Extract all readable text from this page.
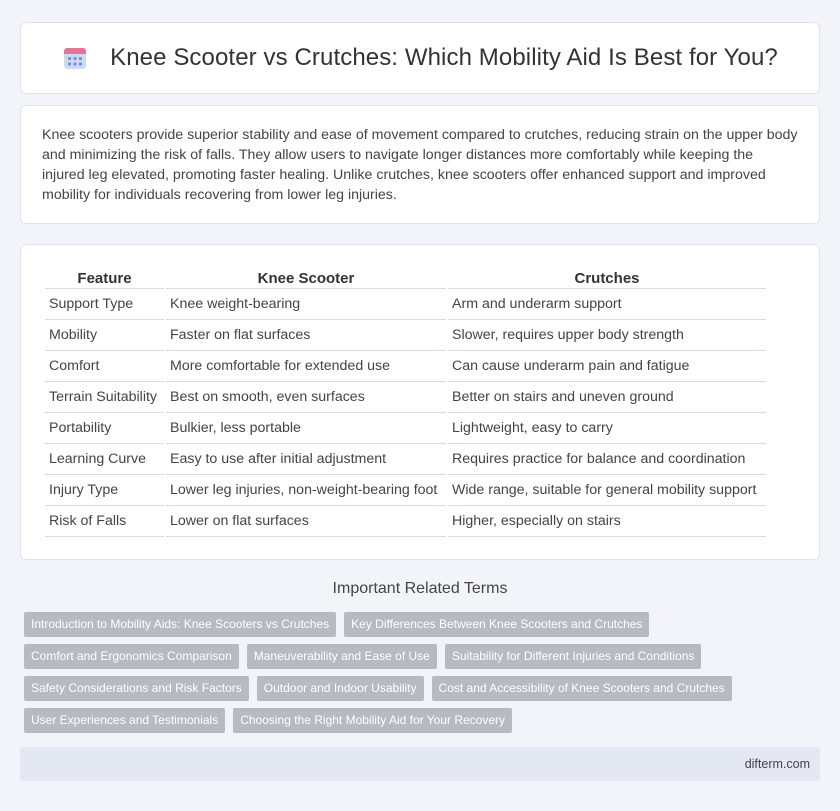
Knee Scooter vs Crutches: Which Mobility Aid Is Best for You?

Knee scooters provide superior stability and ease of movement compared to crutches, reducing strain on the upper body and minimizing the risk of falls. They allow users to navigate longer distances more comfortably while keeping the injured leg elevated, promoting faster healing. Unlike crutches, knee scooters offer enhanced support and improved mobility for individuals recovering from lower leg injuries.

Feature	Knee Scooter	Crutches
Support Type	Knee weight-bearing	Arm and underarm support
Mobility	Faster on flat surfaces	Slower, requires upper body strength
Comfort	More comfortable for extended use	Can cause underarm pain and fatigue
Terrain Suitability	Best on smooth, even surfaces	Better on stairs and uneven ground
Portability	Bulkier, less portable	Lightweight, easy to carry
Learning Curve	Easy to use after initial adjustment	Requires practice for balance and coordination
Injury Type	Lower leg injuries, non-weight-bearing foot	Wide range, suitable for general mobility support
Risk of Falls	Lower on flat surfaces	Higher, especially on stairs
Important Related Terms
Introduction to Mobility Aids: Knee Scooters vs Crutches	Key Differences Between Knee Scooters and Crutches
Comfort and Ergonomics Comparison	Maneuverability and Ease of Use	Suitability for Different Injuries and Conditions
Safety Considerations and Risk Factors	Outdoor and Indoor Usability	Cost and Accessibility of Knee Scooters and Crutches
User Experiences and Testimonials	Choosing the Right Mobility Aid for Your Recovery
difterm.com
